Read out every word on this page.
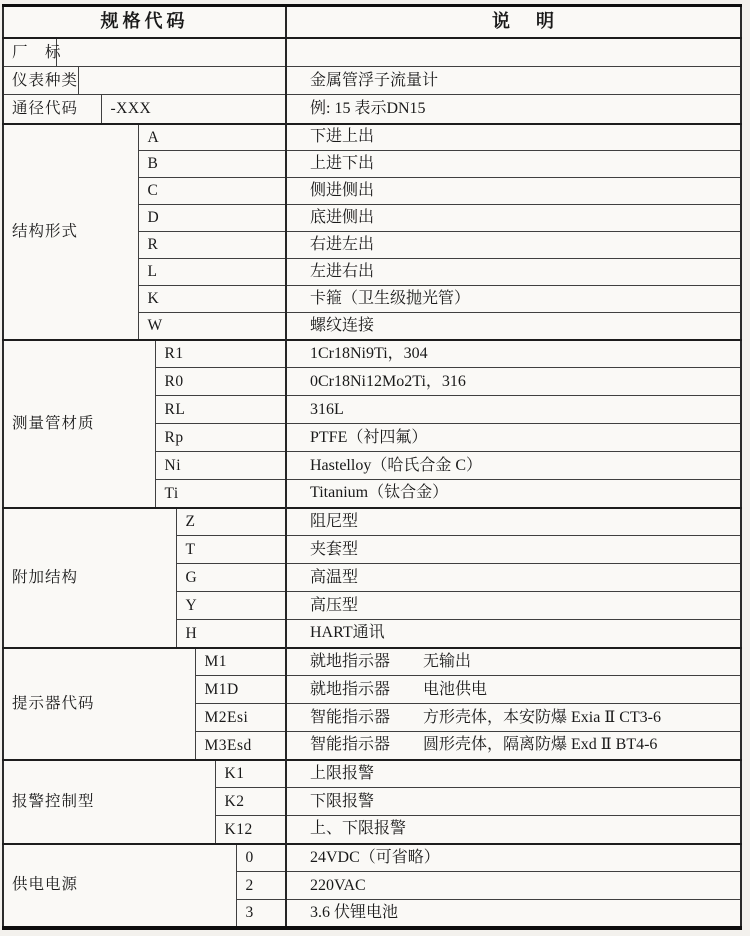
规格代码										说　明
厂　标										
仪表种类										金属管浮子流量计
通径代码			-XXX							例: 15 表示DN15
结构形式				A						下进上出
				B						上进下出
				C						侧进侧出
				D						底进侧出
				R						右进左出
				L						左进右出
				K						卡箍（卫生级抛光管）
				W						螺纹连接
测量管材质					R1					1Cr18Ni9Ti，304
					R0					0Cr18Ni12Mo2Ti，316
					RL					316L
					Rp					PTFE（衬四氟）
					Ni					Hastelloy（哈氏合金 C）
					Ti					Titanium（钛合金）
附加结构						Z				阻尼型
						T				夹套型
						G				高温型
						Y				高压型
						H				HART通讯
提示器代码							M1			就地指示器 无输出
							M1D			就地指示器 电池供电
							M2Esi			智能指示器 方形壳体，本安防爆 Exia Ⅱ CT3-6
							M3Esd			智能指示器 圆形壳体，隔离防爆 Exd Ⅱ BT4-6
报警控制型								K1		上限报警
								K2		下限报警
								K12		上、下限报警
供电电源									0	24VDC（可省略）
									2	220VAC
									3	3.6 伏锂电池
